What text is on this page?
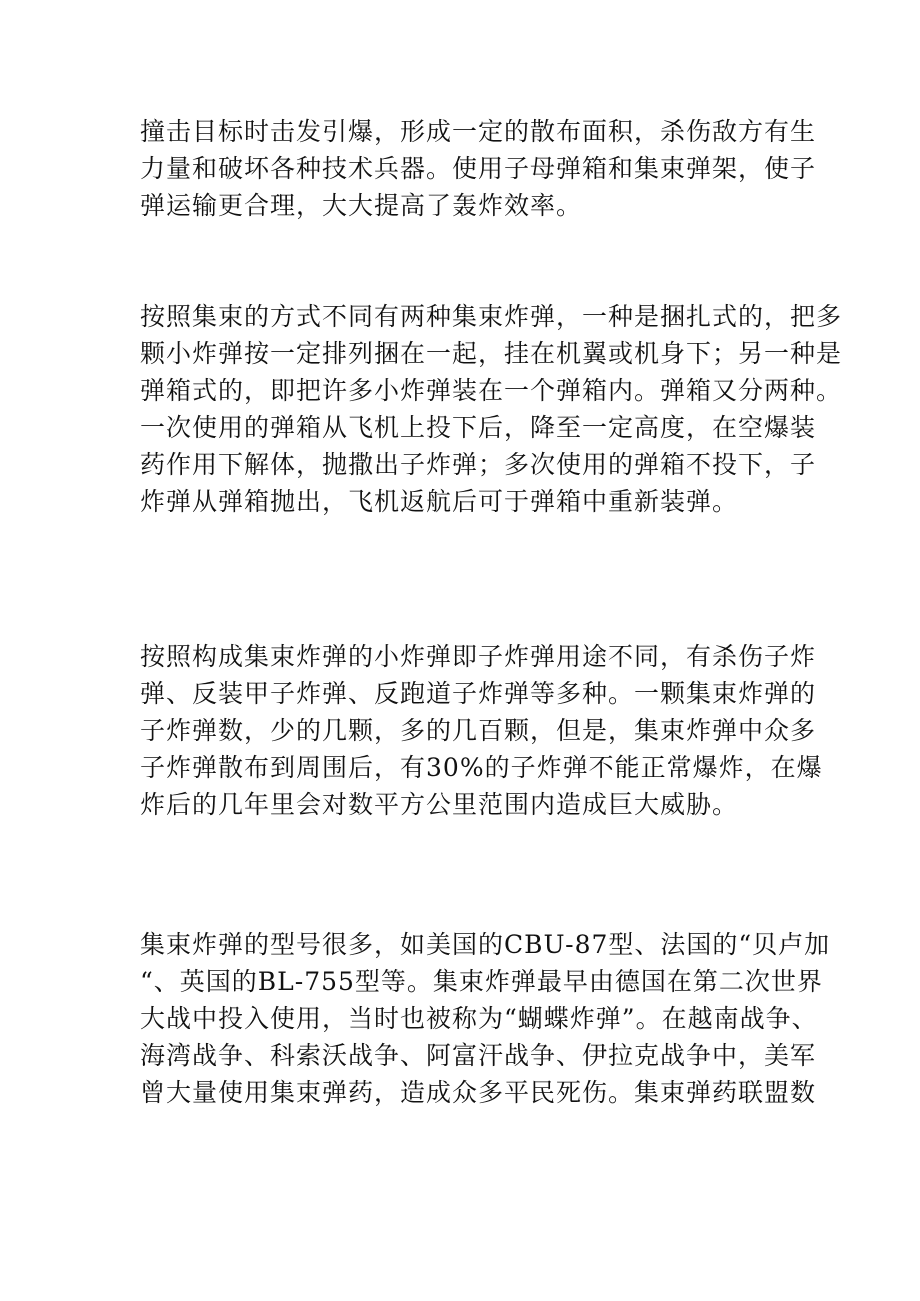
撞击目标时击发引爆，形成一定的散布面积，杀伤敌方有生
力量和破坏各种技术兵器。使用子母弹箱和集束弹架，使子
弹运输更合理，大大提高了轰炸效率。
按照集束的方式不同有两种集束炸弹，一种是捆扎式的，把多
颗小炸弹按一定排列捆在一起，挂在机翼或机身下；另一种是
弹箱式的，即把许多小炸弹装在一个弹箱内。弹箱又分两种。
一次使用的弹箱从飞机上投下后，降至一定高度，在空爆装
药作用下解体，抛撒出子炸弹；多次使用的弹箱不投下，子
炸弹从弹箱抛出，飞机返航后可于弹箱中重新装弹。
按照构成集束炸弹的小炸弹即子炸弹用途不同，有杀伤子炸
弹、反装甲子炸弹、反跑道子炸弹等多种。一颗集束炸弹的
子炸弹数，少的几颗，多的几百颗，但是，集束炸弹中众多
子炸弹散布到周围后，有30%的子炸弹不能正常爆炸，在爆
炸后的几年里会对数平方公里范围内造成巨大威胁。
集束炸弹的型号很多，如美国的CBU-87型、法国的“贝卢加
“、英国的BL-755型等。集束炸弹最早由德国在第二次世界
大战中投入使用，当时也被称为“蝴蝶炸弹”。在越南战争、
海湾战争、科索沃战争、阿富汗战争、伊拉克战争中，美军
曾大量使用集束弹药，造成众多平民死伤。集束弹药联盟数
